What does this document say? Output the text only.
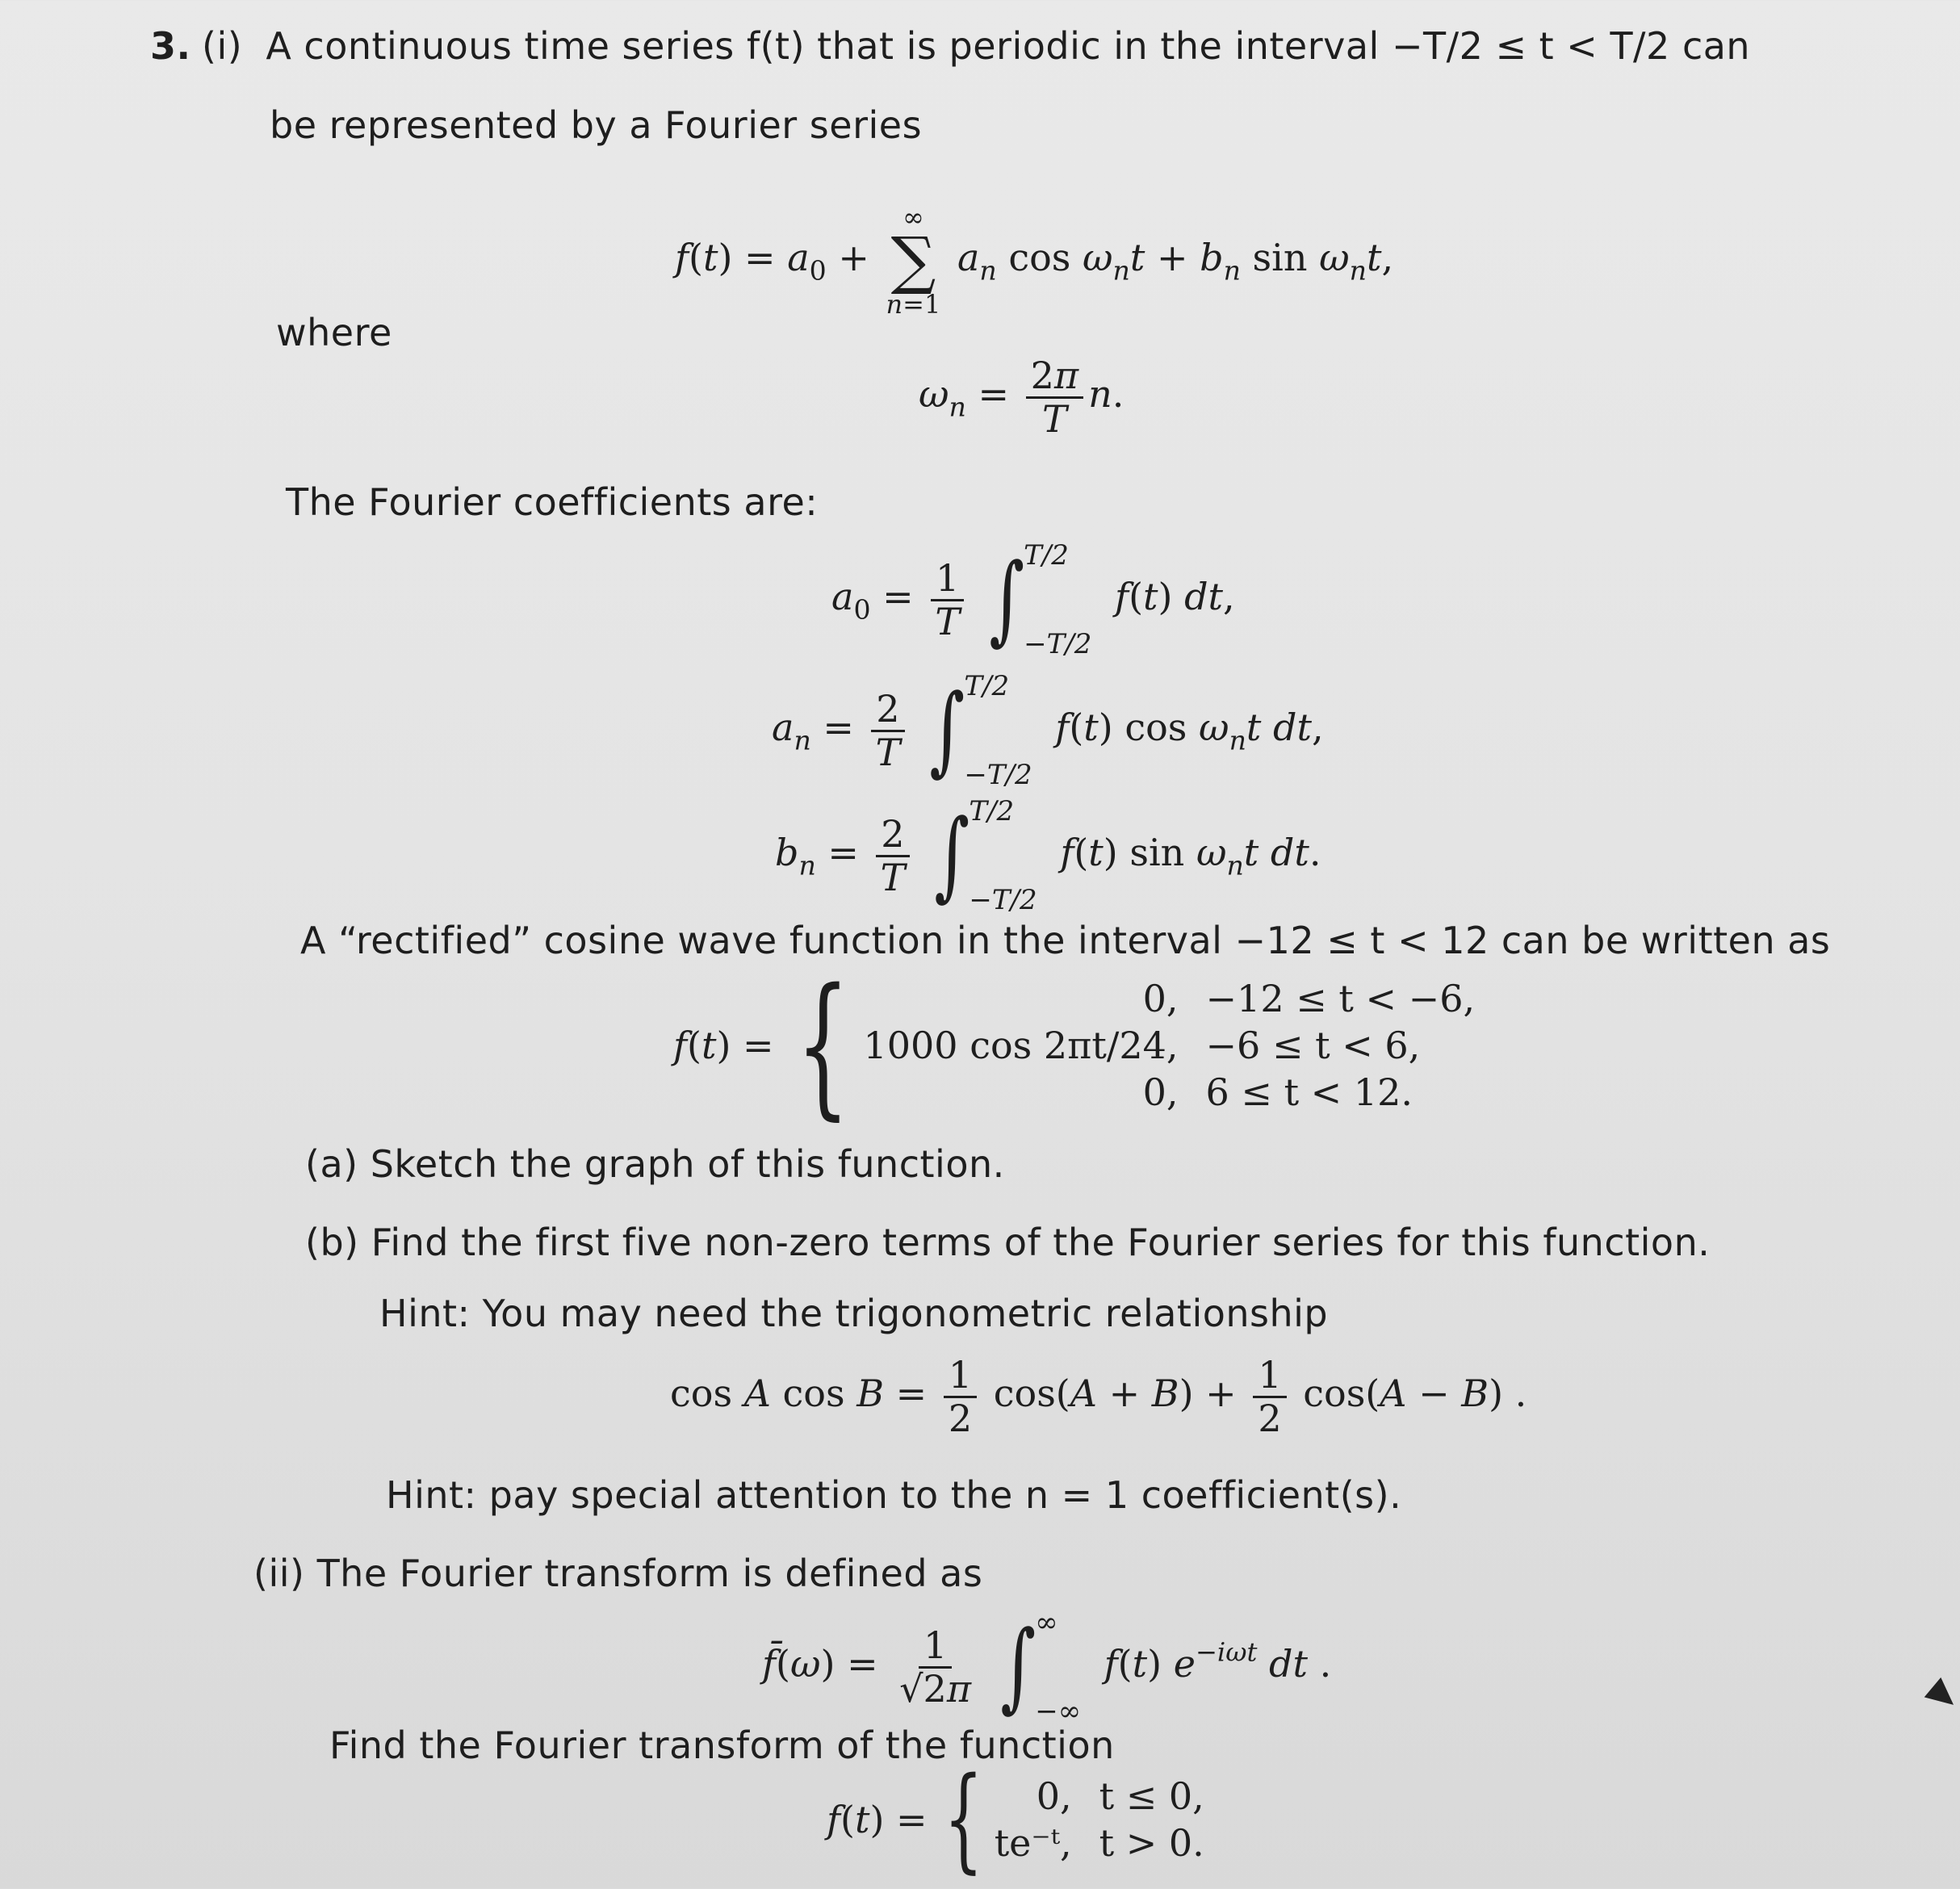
3. (i) A continuous time series f(t) that is periodic in the interval −T/2 ≤ t < T/2 can
be represented by a Fourier series
$f(t) = a_0$ +
∞
∑
n=1
$a_n$ $\cos \omega_nt + b_n$ $\sin \omega_nt$,
where
$\omega_n = \frac{2\pi}{T} n$.
The Fourier coefficients are:
$a_0 = \frac{1}{T}$ ∫ T/2
−T/2
f(t) dt,
$a_n = \frac{2}{T}$ ∫ T/2
−T/2
f(t) $\cos \omega_nt$ dt,
$b_n = \frac{2}{T}$ ∫ T/2
−T/2
f(t) $\sin \omega_nt$ dt.
A “rectified” cosine wave function in the interval −12 ≤ t < 12 can be written as
f(t) = {	0, −12 ≤ t < −6,
1000 cos 2πt/24, −6 ≤ t < 6,
0, 6 ≤ t < 12.
(a) Sketch the graph of this function.
(b) Find the first five non-zero terms of the Fourier series for this function.
Hint: You may need the trigonometric relationship
cos A $\cos B = \frac{1}{2} \cos(A + B) + \frac{1}{2} \cos(A - B)$ .
Hint: pay special attention to the n = 1 coefficient(s).
(ii) The Fourier transform is defined as
f̄(ω) = $\frac{1}{√2\pi}$ ∫ ∞
−∞
f(t) $e^{-i\omega t}$ dt .
Find the Fourier transform of the function
f(t) = {	0, t ≤ 0,
te⁻ᵗ, t > 0.
